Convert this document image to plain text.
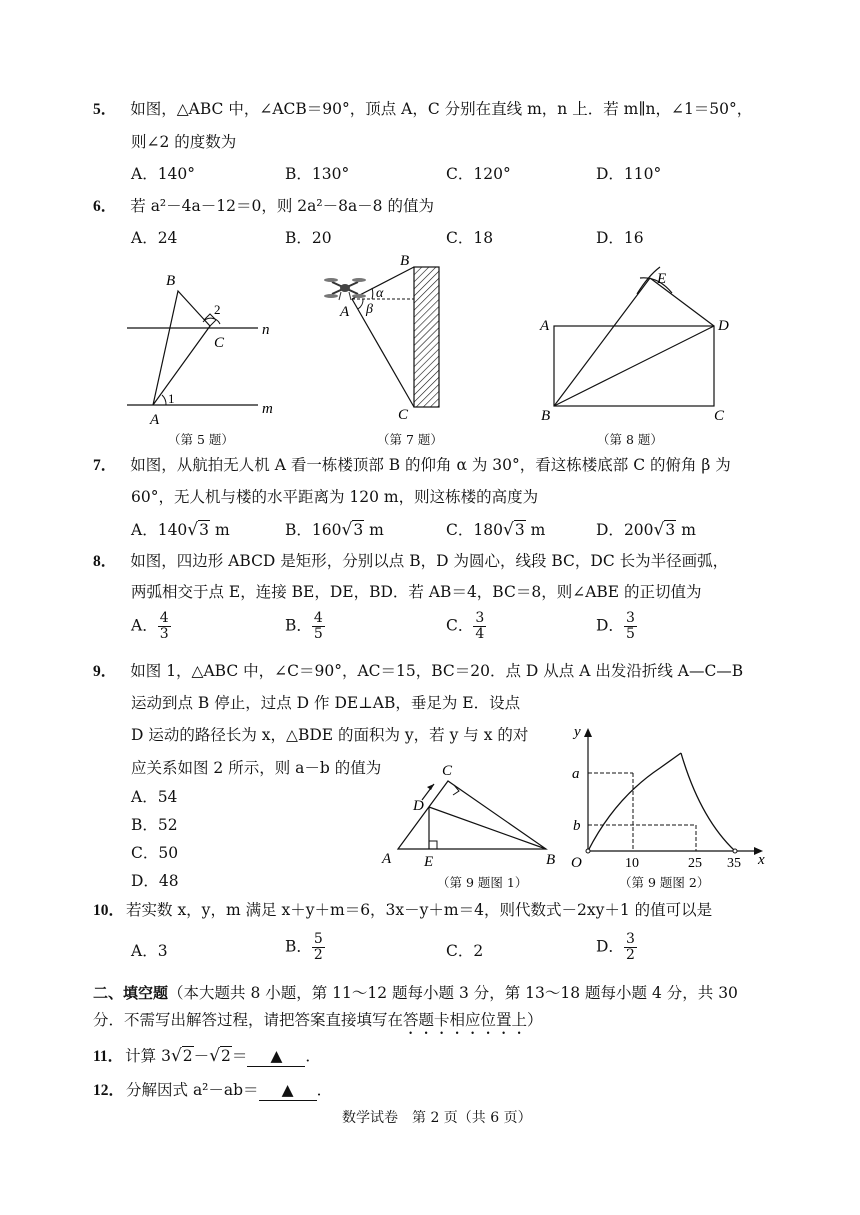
5． 如图，△ABC 中，∠ACB＝90°，顶点 A，C 分别在直线 m，n 上．若 m∥n，∠1＝50°，
则∠2 的度数为
A．140°	B．130°	C．120°	D．110°
6． 若 a²－4a－12＝0，则 2a²－8a－8 的值为
A．24	B．20	C．18	D．16
B
C
A
n
m
1
2
B
A
C
α
β
E
A	D
B	C
（第 5 题）	（第 7 题）	（第 8 题）
7． 如图，从航拍无人机 A 看一栋楼顶部 B 的仰角 α 为 30°，看这栋楼底部 C 的俯角 β 为
60°，无人机与楼的水平距离为 120 m，则这栋楼的高度为
A．140√3 m	B．160√3 m	C．180√3 m	D．200√3 m
8． 如图，四边形 ABCD 是矩形，分别以点 B，D 为圆心，线段 BC，DC 长为半径画弧，
两弧相交于点 E，连接 BE，DE，BD．若 AB＝4，BC＝8，则∠ABE 的正切值为
A． $\frac{4}{3}$	B． $\frac{4}{5}$	C． $\frac{3}{4}$	D． $\frac{3}{5}$
9． 如图 1，△ABC 中，∠C＝90°，AC＝15，BC＝20．点 D 从点 A 出发沿折线 A—C—B
运动到点 B 停止，过点 D 作 DE⊥AB，垂足为 E．设点
D 运动的路径长为 x，△BDE 的面积为 y，若 y 与 x 的对
应关系如图 2 所示，则 a－b 的值为
A．54
B．52
C．50
D．48
C
D
A E	B
（第 9 题图 1）
y
a
b
O	10	25 35 x
（第 9 题图 2）
10． 若实数 x，y，m 满足 x＋y＋m＝6，3x－y＋m＝4，则代数式－2xy＋1 的值可以是
A．3	B． $\frac{5}{2}$	C．2	D． $\frac{3}{2}$
二、填空题（本大题共 8 小题，第 11～12 题每小题 3 分，第 13～18 题每小题 4 分，共 30
分．不需写出解答过程，请把答案直接填写在答题卡相应位置上）
11． 计算 3√2－√2＝ ▲ ．
12． 分解因式 a²－ab＝ ▲ ．
数学试卷　第 2 页（共 6 页）
